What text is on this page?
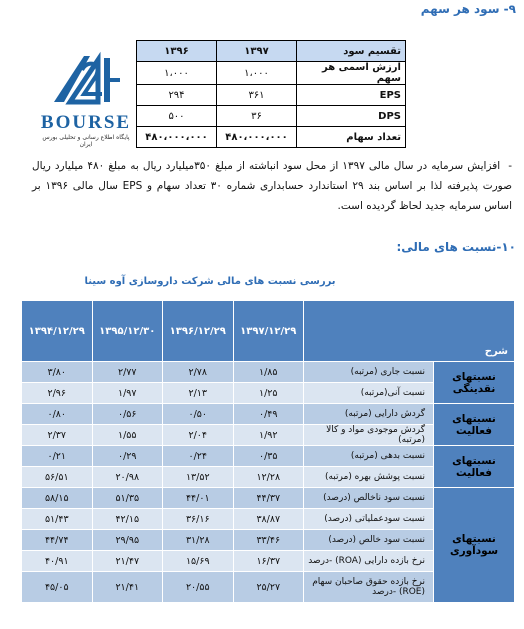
۹- سود هر سهم
BOURSE
پایگاه اطلاع رسانی و تحلیلی بورس ایران
تقسیم سود	۱۳۹۷	۱۳۹۶
ارزش اسمی هر سهم	۱،۰۰۰	۱،۰۰۰
EPS	۳۶۱	۲۹۴
DPS	۳۶	۵۰۰
تعداد سهام	۴۸۰،۰۰۰،۰۰۰	۴۸۰،۰۰۰،۰۰۰
-افزایش سرمایه در سال مالی ۱۳۹۷ از محل سود انباشته از مبلغ ۳۵۰میلیارد ریال به مبلغ ۴۸۰ میلیارد ریال صورت پذیرفته لذا بر اساس بند ۲۹ استاندارد حسابداری شماره ۳۰ تعداد سهام و EPS سال مالی ۱۳۹۶ بر اساس سرمایه جدید لحاظ گردیده است.
۱۰-نسبت های مالی:
بررسی نسبت های مالی شرکت داروسازی آوه سینا
شرح		۱۳۹۷/۱۲/۲۹	۱۳۹۶/۱۲/۲۹	۱۳۹۵/۱۲/۳۰	۱۳۹۴/۱۲/۲۹
نسبتهای نقدینگی	نسبت جاری (مرتبه)	۱/۸۵	۲/۷۸	۲/۷۷	۳/۸۰
	نسبت آنی(مرتبه)	۱/۲۵	۲/۱۳	۱/۹۷	۲/۹۶
نسبتهای فعالیت	گردش دارایی (مرتبه)	۰/۴۹	۰/۵۰	۰/۵۶	۰/۸۰
	گردش موجودی مواد و کالا (مرتبه)	۱/۹۲	۲/۰۴	۱/۵۵	۲/۳۷
نسبتهای فعالیت	نسبت بدهی (مرتبه)	۰/۳۵	۰/۲۴	۰/۲۹	۰/۲۱
	نسبت پوشش بهره (مرتبه)	۱۲/۲۸	۱۳/۵۲	۲۰/۹۸	۵۶/۵۱
نسبتهای سودآوری	نسبت سود ناخالص (درصد)	۴۴/۳۷	۴۴/۰۱	۵۱/۳۵	۵۸/۱۵
	نسبت سودعملیاتی (درصد)	۳۸/۸۷	۳۶/۱۶	۴۲/۱۵	۵۱/۴۳
	نسبت سود خالص (درصد)	۳۳/۴۶	۳۱/۲۸	۲۹/۹۵	۴۴/۷۴
	نرخ بازده دارایی (ROA) -درصد	۱۶/۳۷	۱۵/۶۹	۲۱/۴۷	۴۰/۹۱
	نرخ بازده حقوق صاحبان سهام (ROE) -درصد	۲۵/۲۷	۲۰/۵۵	۲۱/۴۱	۴۵/۰۵
